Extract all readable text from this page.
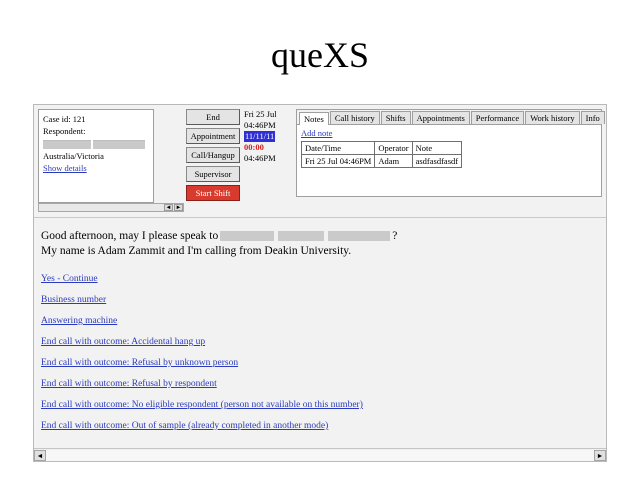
queXS
Case id: 121
Respondent:
Australia/Victoria
Show details
End
Appointment
Call/Hangup
Supervisor
Start Shift
Fri 25 Jul
04:46PM
11/11/11
00:00
04:46PM
Notes	Call history	Shifts	Appointments	Performance	Work history	Info
Add note
Date/Time	Operator	Note
Fri 25 Jul 04:46PM	Adam	asdfasdfasdf
◄ ►
Good afternoon, may I please speak to	?
My name is Adam Zammit and I'm calling from Deakin University.
Yes - Continue
Business number
Answering machine
End call with outcome: Accidental hang up
End call with outcome: Refusal by unknown person
End call with outcome: Refusal by respondent
End call with outcome: No eligible respondent (person not available on this number)
End call with outcome: Out of sample (already completed in another mode)
◄	►
